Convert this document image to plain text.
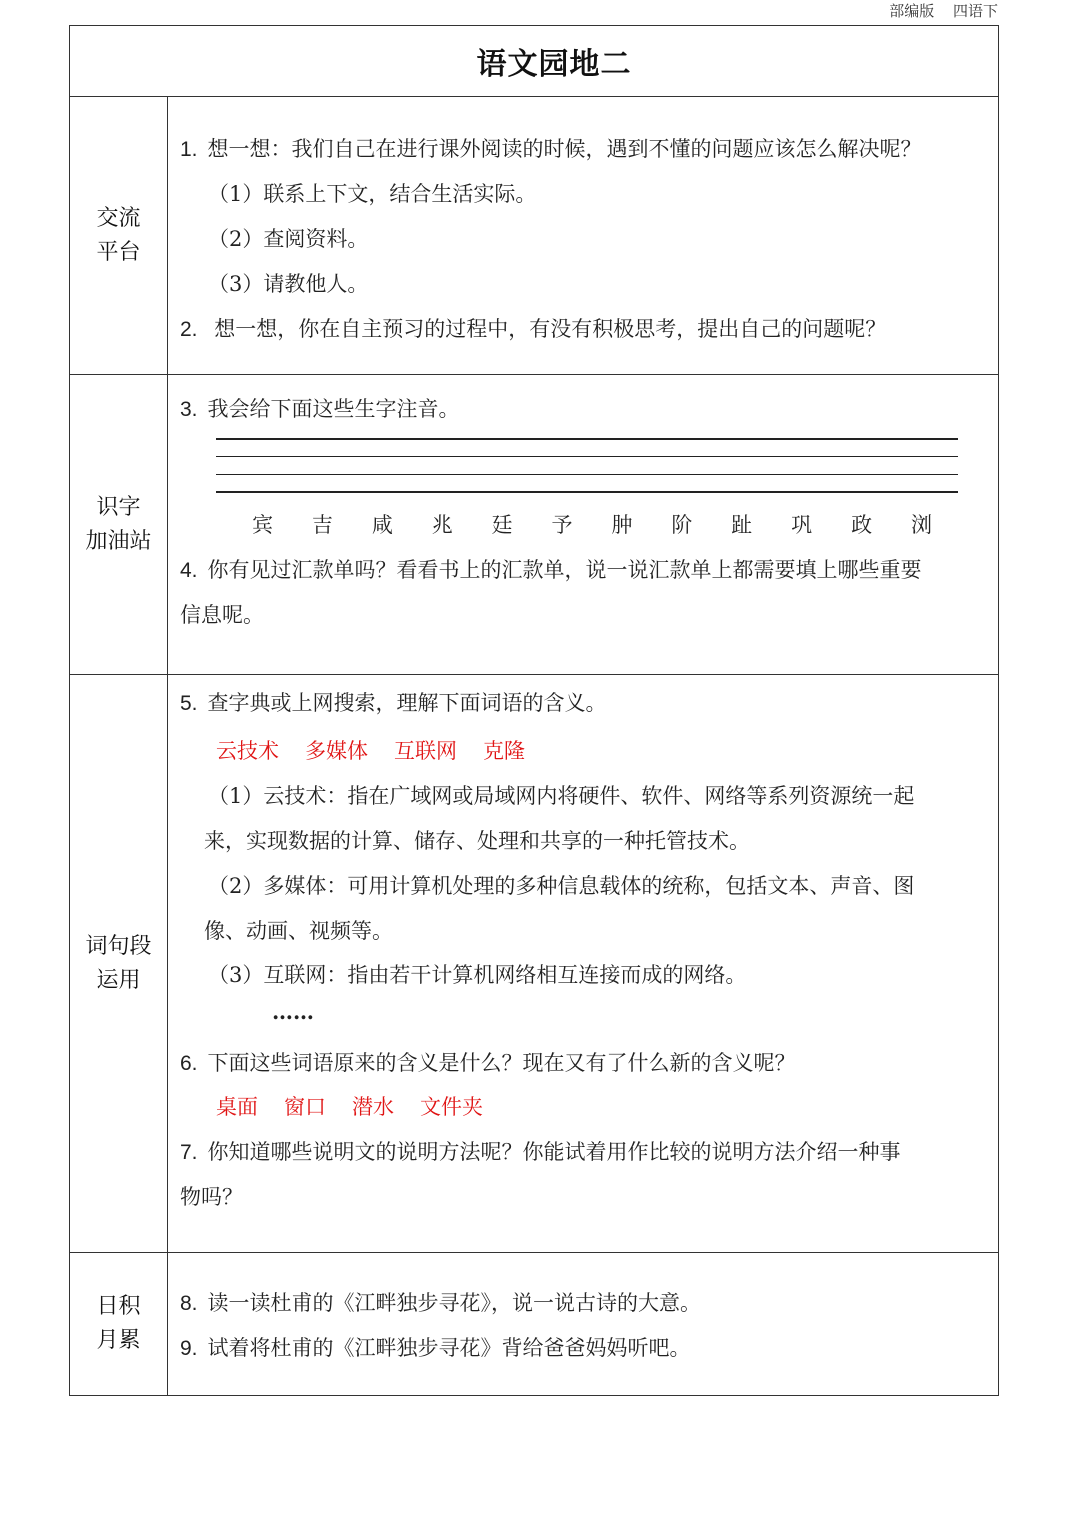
部编版 四语下
语文园地二
交流
平台
1. 想一想：我们自己在进行课外阅读的时候，遇到不懂的问题应该怎么解决呢？
（1）联系上下文，结合生活实际。
（2）查阅资料。
（3）请教他人。
2. 想一想，你在自主预习的过程中，有没有积极思考，提出自己的问题呢？
识字
加油站
3. 我会给下面这些生字注音。
宾 吉 咸 兆 廷 予 肿 阶 趾 巩 政 浏
4. 你有见过汇款单吗？看看书上的汇款单，说一说汇款单上都需要填上哪些重要
信息呢。
词句段
运用
5. 查字典或上网搜索，理解下面词语的含义。
云技术 多媒体 互联网 克隆
（1）云技术：指在广域网或局域网内将硬件、软件、网络等系列资源统一起
来，实现数据的计算、储存、处理和共享的一种托管技术。
（2）多媒体：可用计算机处理的多种信息载体的统称，包括文本、声音、图
像、动画、视频等。
（3）互联网：指由若干计算机网络相互连接而成的网络。
……
6. 下面这些词语原来的含义是什么？现在又有了什么新的含义呢？
桌面 窗口 潜水 文件夹
7. 你知道哪些说明文的说明方法呢？你能试着用作比较的说明方法介绍一种事
物吗？
日积
月累
8. 读一读杜甫的《江畔独步寻花》，说一说古诗的大意。
9. 试着将杜甫的《江畔独步寻花》背给爸爸妈妈听吧。
